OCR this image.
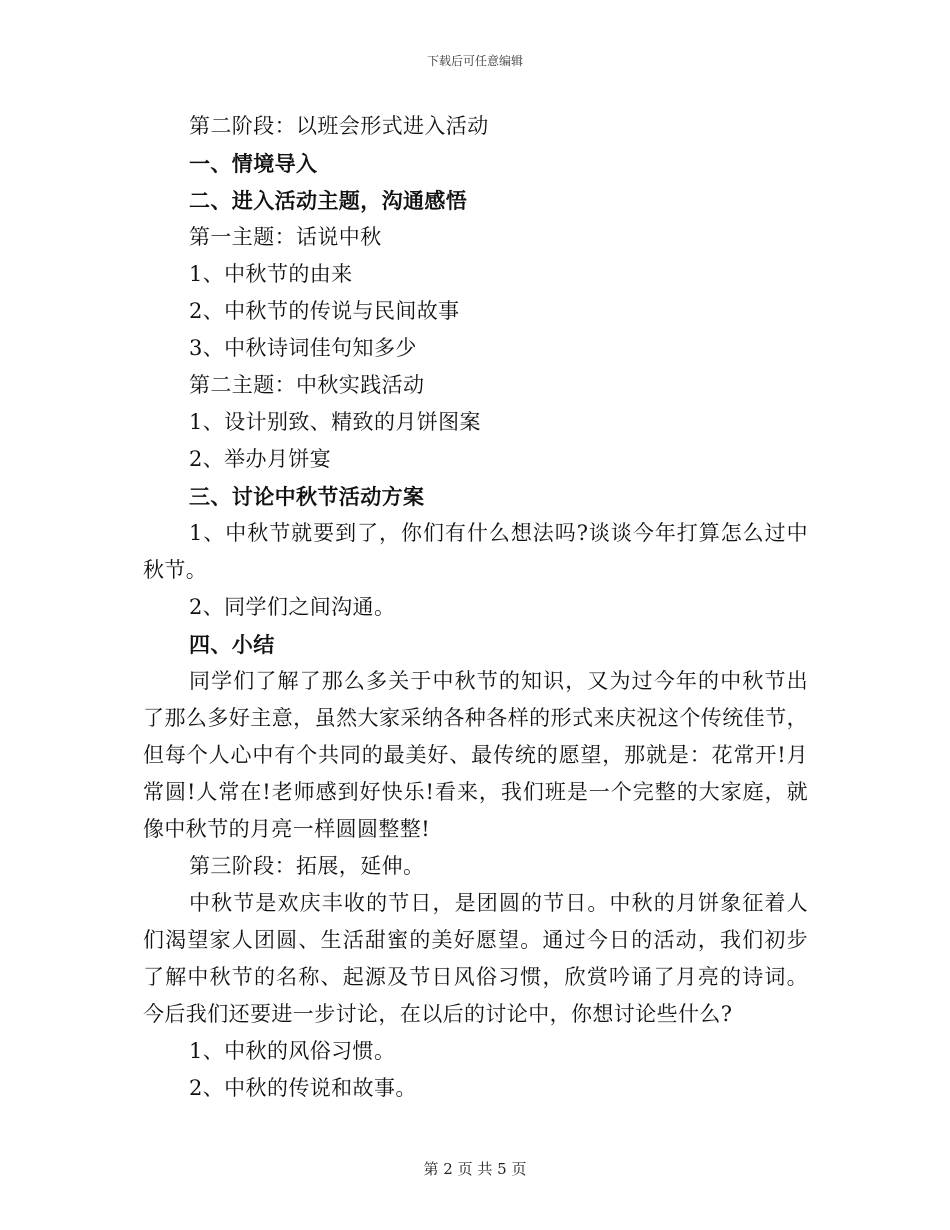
下载后可任意编辑
第二阶段：以班会形式进入活动
一、情境导入
二、进入活动主题，沟通感悟
第一主题：话说中秋
1、中秋节的由来
2、中秋节的传说与民间故事
3、中秋诗词佳句知多少
第二主题：中秋实践活动
1、设计别致、精致的月饼图案
2、举办月饼宴
三、讨论中秋节活动方案
1、中秋节就要到了，你们有什么想法吗?谈谈今年打算怎么过中
秋节。
2、同学们之间沟通。
四、小结
同学们了解了那么多关于中秋节的知识，又为过今年的中秋节出
了那么多好主意，虽然大家采纳各种各样的形式来庆祝这个传统佳节，
但每个人心中有个共同的最美好、最传统的愿望，那就是：花常开!月
常圆!人常在!老师感到好快乐!看来，我们班是一个完整的大家庭，就
像中秋节的月亮一样圆圆整整!
第三阶段：拓展，延伸。
中秋节是欢庆丰收的节日，是团圆的节日。中秋的月饼象征着人
们渴望家人团圆、生活甜蜜的美好愿望。通过今日的活动，我们初步
了解中秋节的名称、起源及节日风俗习惯，欣赏吟诵了月亮的诗词。
今后我们还要进一步讨论，在以后的讨论中，你想讨论些什么?
1、中秋的风俗习惯。
2、中秋的传说和故事。
第 2 页 共 5 页
